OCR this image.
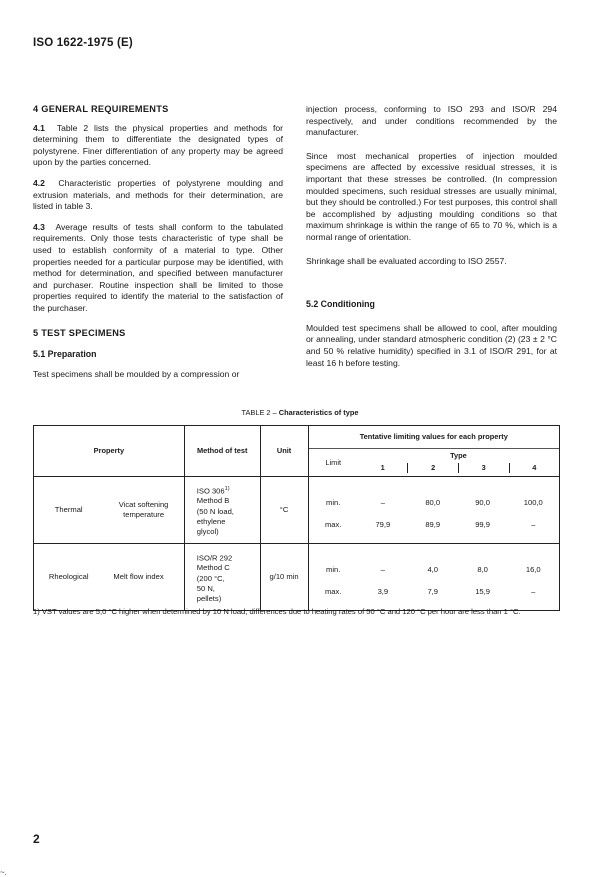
ISO 1622-1975 (E)

4 GENERAL REQUIREMENTS

4.1 Table 2 lists the physical properties and methods for determining them to differentiate the designated types of polystyrene. Finer differentiation of any property may be agreed upon by the parties concerned.

4.2 Characteristic properties of polystyrene moulding and extrusion materials, and methods for their determination, are listed in table 3.

4.3 Average results of tests shall conform to the tabulated requirements. Only those tests characteristic of type shall be used to establish conformity of a material to type. Other properties needed for a particular purpose may be identified, with method for determination, and specified between manufacturer and purchaser. Routine inspection shall be limited to those properties required to identify the material to the satisfaction of the purchaser.

5 TEST SPECIMENS

5.1 Preparation

Test specimens shall be moulded by a compression or

injection process, conforming to ISO 293 and ISO/R 294 respectively, and under conditions recommended by the manufacturer.

Since most mechanical properties of injection moulded specimens are affected by excessive residual stresses, it is important that these stresses be controlled. (In compression moulded specimens, such residual stresses are usually minimal, but they should be controlled.) For test purposes, this control shall be accomplished by adjusting moulding conditions so that maximum shrinkage is within the range of 65 to 70 %, which is a normal range of orientation.

Shrinkage shall be evaluated according to ISO 2557.

5.2 Conditioning

Moulded test specimens shall be allowed to cool, after moulding or annealing, under standard atmospheric condition (2) (23 ± 2 °C and 50 % relative humidity) specified in 3.1 of ISO/R 291, for at least 16 h before testing.

TABLE 2 – Characteristics of type
Property		Method of test	Unit	Tentative limiting values for each property				
				Limit	Type
1 2 3 4			

Thermal	Vicat softening temperature	ISO 306$^{1)}$
Method B
(50 N load,
ethylene
glycol)	°C	min.	–	80,0	90,0	100,0
				max.	79,9	89,9	99,9	–
Rheological	Melt flow index	ISO/R 292
Method C
(200 °C,
50 N,
pellets)	g/10 min	min.	–	4,0	8,0	16,0
				max.	3,9	7,9	15,9	–
1) VST values are 5,0 °C higher when determined by 10 N load; differences due to heating rates of 50 °C and 120 °C per hour are less than 1 °C.
2
~.
